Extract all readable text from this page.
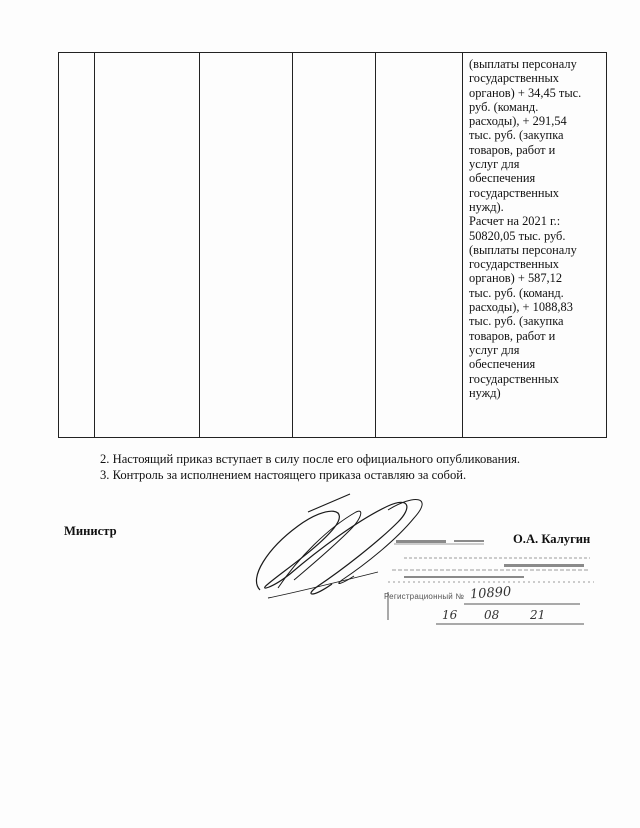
(выплаты персоналу
государственных
органов) + 34,45 тыс.
руб. (команд.
расходы), + 291,54
тыс. руб. (закупка
товаров, работ и
услуг для
обеспечения
государственных
нужд).
Расчет на 2021 г.:
50820,05 тыс. руб.
(выплаты персоналу
государственных
органов) + 587,12
тыс. руб. (команд.
расходы), + 1088,83
тыс. руб. (закупка
товаров, работ и
услуг для
обеспечения
государственных
нужд)

2. Настоящий приказ вступает в силу после его официального опубликования.

3. Контроль за исполнением настоящего приказа оставляю за собой.

Министр
О.А. Калугин
Регистрационный № 10890
16 08	21
